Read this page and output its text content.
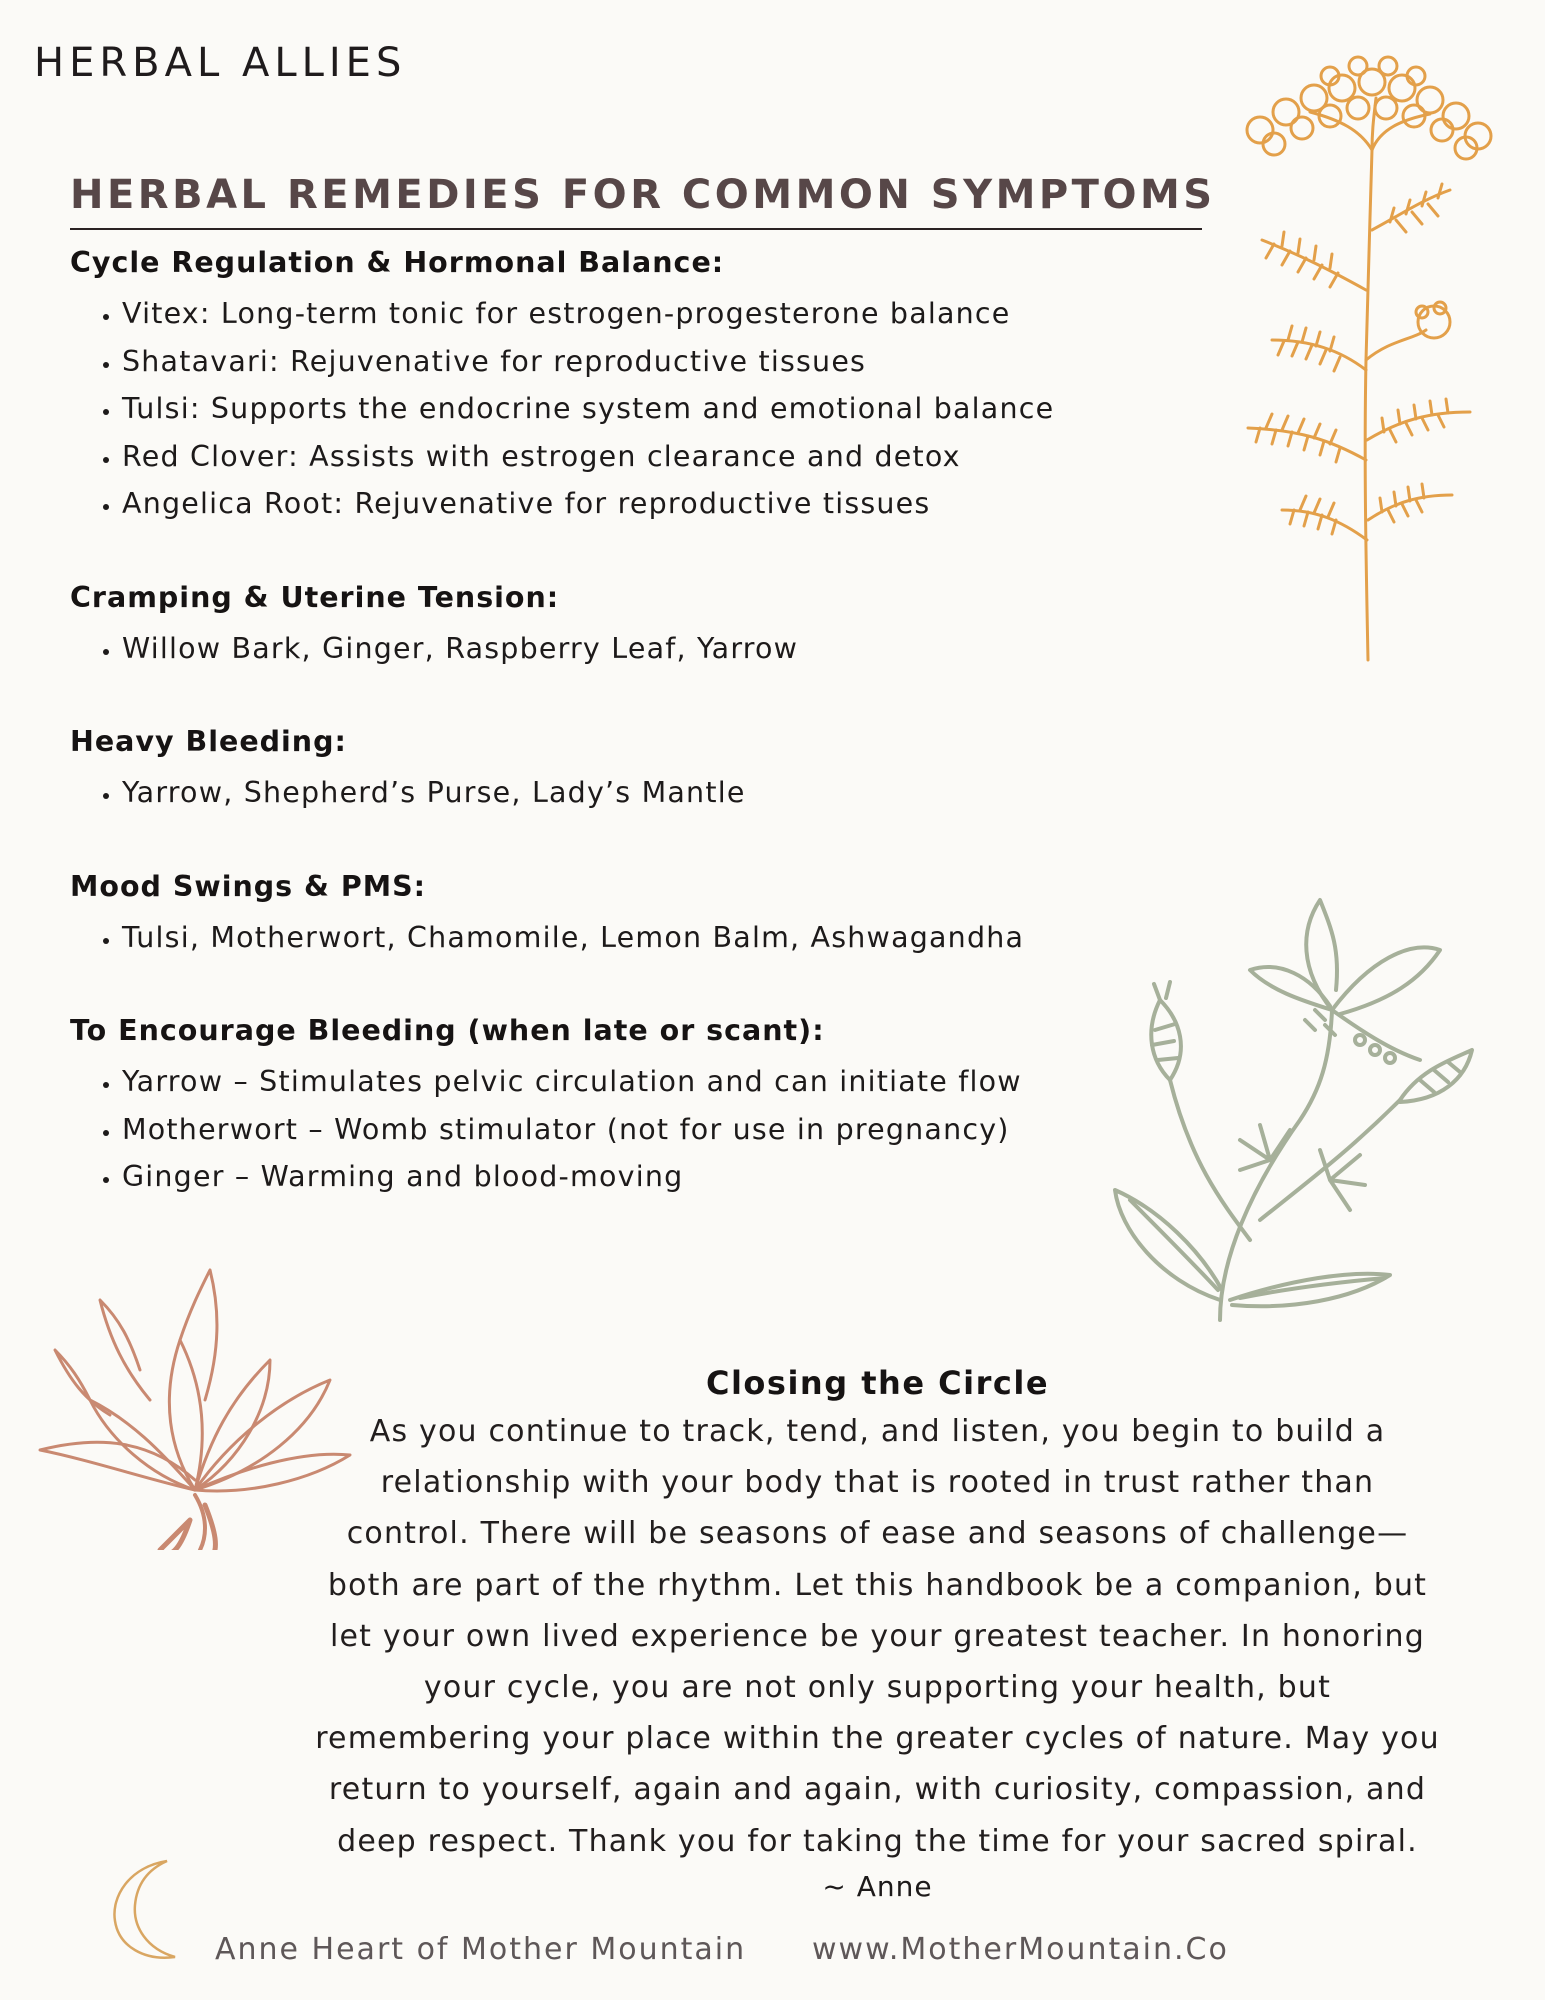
HERBAL ALLIES
HERBAL REMEDIES FOR COMMON SYMPTOMS
Cycle Regulation & Hormonal Balance:
• Vitex: Long-term tonic for estrogen-progesterone balance
• Shatavari: Rejuvenative for reproductive tissues
• Tulsi: Supports the endocrine system and emotional balance
• Red Clover: Assists with estrogen clearance and detox
• Angelica Root: Rejuvenative for reproductive tissues
Cramping & Uterine Tension:
• Willow Bark, Ginger, Raspberry Leaf, Yarrow
Heavy Bleeding:
• Yarrow, Shepherd’s Purse, Lady’s Mantle
Mood Swings & PMS:
• Tulsi, Motherwort, Chamomile, Lemon Balm, Ashwagandha
To Encourage Bleeding (when late or scant):
• Yarrow – Stimulates pelvic circulation and can initiate flow
• Motherwort – Womb stimulator (not for use in pregnancy)
• Ginger – Warming and blood-moving
Closing the Circle

As you continue to track, tend, and listen, you begin to build a
relationship with your body that is rooted in trust rather than
control. There will be seasons of ease and seasons of challenge—
both are part of the rhythm. Let this handbook be a companion, but
let your own lived experience be your greatest teacher. In honoring
your cycle, you are not only supporting your health, but
remembering your place within the greater cycles of nature. May you
return to yourself, again and again, with curiosity, compassion, and
deep respect. Thank you for taking the time for your sacred spiral.

~ Anne

Anne Heart of Mother Mountain www.MotherMountain.Co
